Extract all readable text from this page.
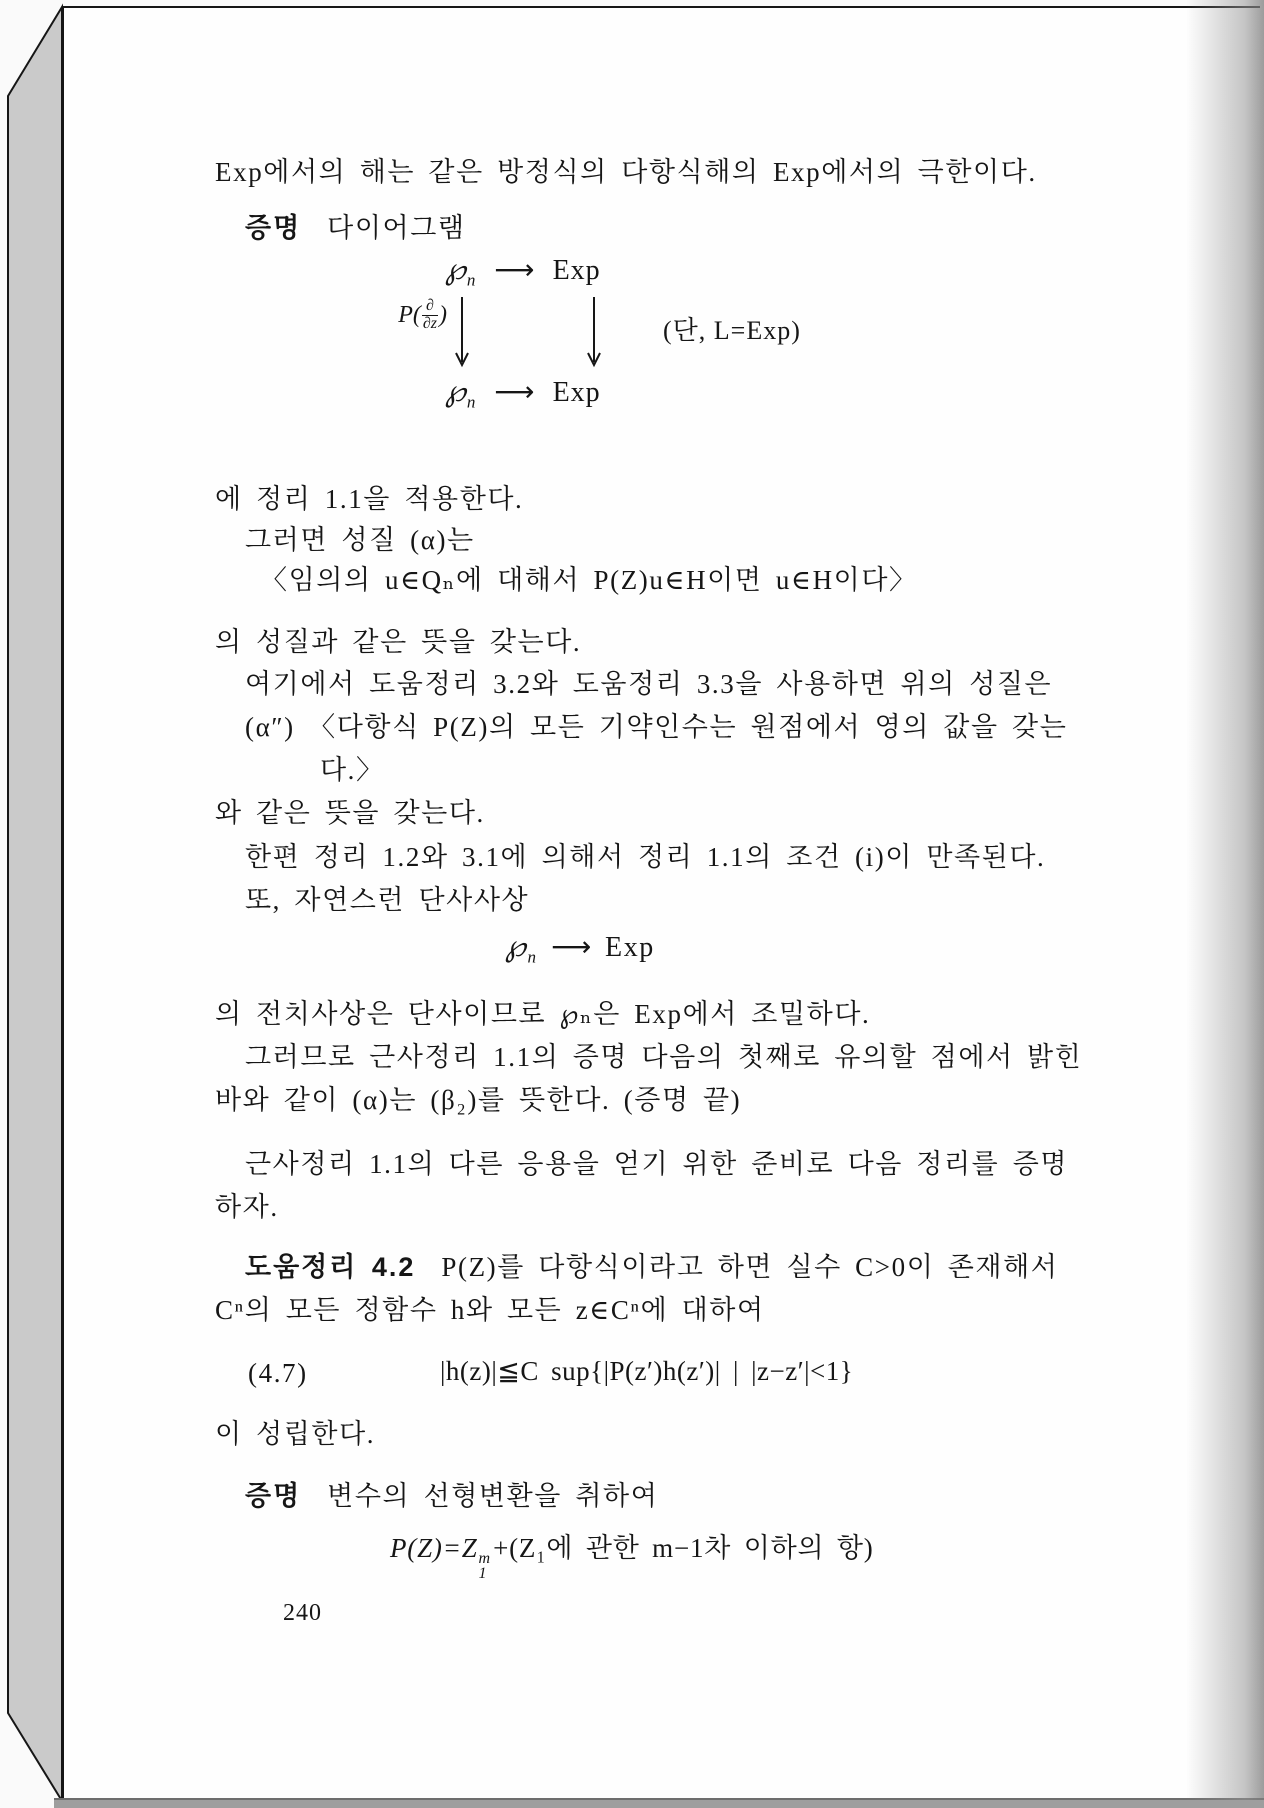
Exp에서의 해는 같은 방정식의 다항식해의 Exp에서의 극한이다.
증명 다이어그램
$℘_n$ ⟶ Exp
$P( \frac{\partial}{\partial z}$ )
(단, L=Exp)
$℘_n$ ⟶ Exp
에 정리 1.1을 적용한다.
그러면 성질 (α)는
〈임의의 u∈Qₙ에 대해서 P(Z)u∈H이면 u∈H이다〉
의 성질과 같은 뜻을 갖는다.
여기에서 도움정리 3.2와 도움정리 3.3을 사용하면 위의 성질은
(α″) 〈다항식 P(Z)의 모든 기약인수는 원점에서 영의 값을 갖는
다.〉
와 같은 뜻을 갖는다.
한편 정리 1.2와 3.1에 의해서 정리 1.1의 조건 (i)이 만족된다.
또, 자연스런 단사사상
$℘_n$ ⟶ Exp
의 전치사상은 단사이므로 ℘ₙ은 Exp에서 조밀하다.
그러므로 근사정리 1.1의 증명 다음의 첫째로 유의할 점에서 밝힌
바와 같이 (α)는 (β₂)를 뜻한다. (증명 끝)
근사정리 1.1의 다른 응용을 얻기 위한 준비로 다음 정리를 증명
하자.
도움정리 4.2 P(Z)를 다항식이라고 하면 실수 C>0이 존재해서
Cⁿ의 모든 정함수 h와 모든 z∈Cⁿ에 대하여
(4.7)	|h(z)|≦C sup{|P(z′)h(z′)| | |z−z′|<1}
이 성립한다.
증명 변수의 선형변환을 취하여
P(Z)=Z m
1
+(Z₁에 관한 m−1차 이하의 항)
240
